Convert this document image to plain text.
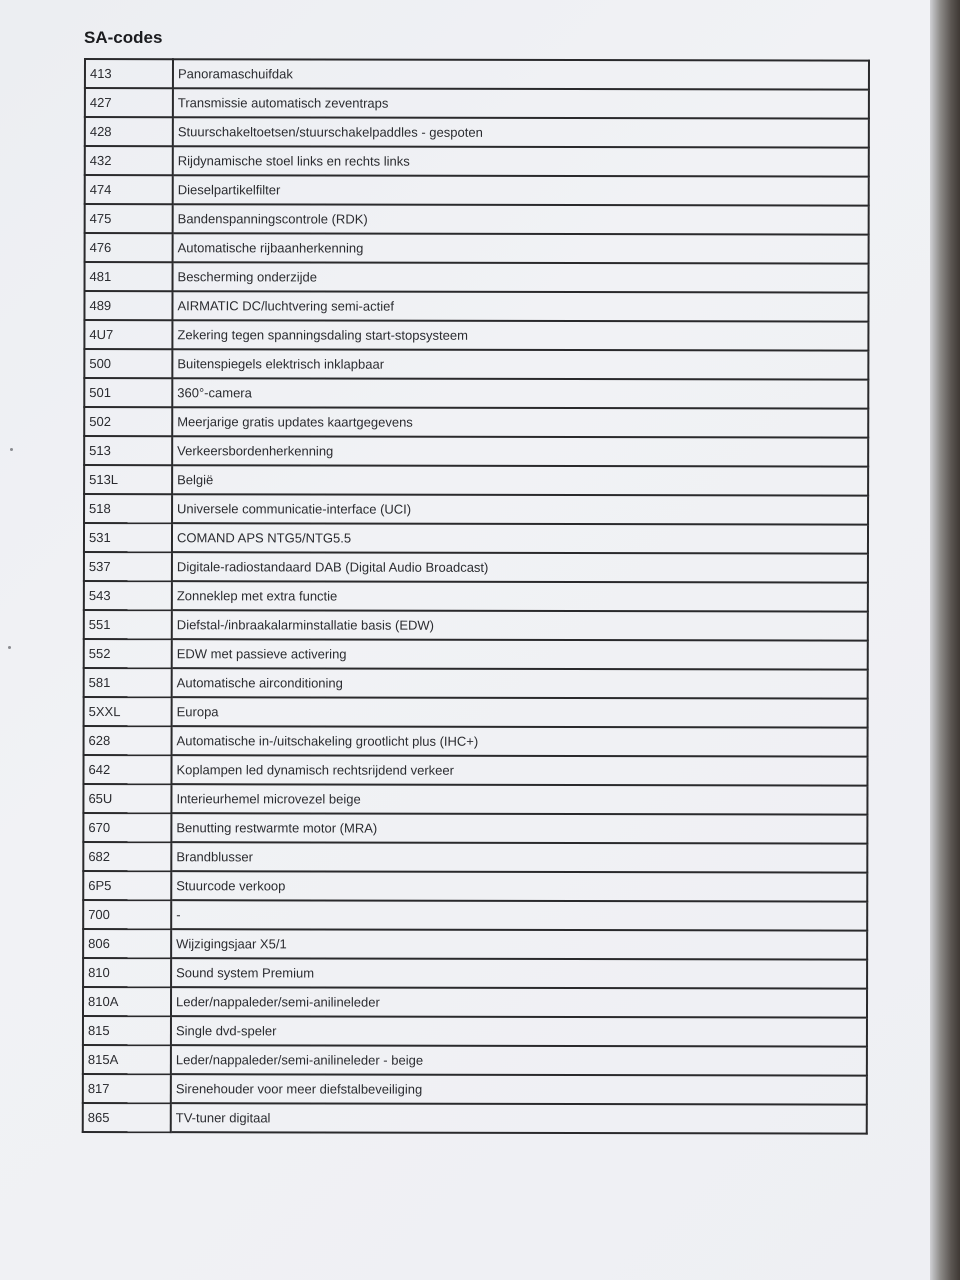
SA-codes
413	Panoramaschuifdak
427	Transmissie automatisch zeventraps
428	Stuurschakeltoetsen/stuurschakelpaddles - gespoten
432	Rijdynamische stoel links en rechts links
474	Dieselpartikelfilter
475	Bandenspanningscontrole (RDK)
476	Automatische rijbaanherkenning
481	Bescherming onderzijde
489	AIRMATIC DC/luchtvering semi-actief
4U7	Zekering tegen spanningsdaling start-stopsysteem
500	Buitenspiegels elektrisch inklapbaar
501	360°-camera
502	Meerjarige gratis updates kaartgegevens
513	Verkeersbordenherkenning
513L	België
518	Universele communicatie-interface (UCI)
531	COMAND APS NTG5/NTG5.5
537	Digitale-radiostandaard DAB (Digital Audio Broadcast)
543	Zonneklep met extra functie
551	Diefstal-/inbraakalarminstallatie basis (EDW)
552	EDW met passieve activering
581	Automatische airconditioning
5XXL	Europa
628	Automatische in-/uitschakeling grootlicht plus (IHC+)
642	Koplampen led dynamisch rechtsrijdend verkeer
65U	Interieurhemel microvezel beige
670	Benutting restwarmte motor (MRA)
682	Brandblusser
6P5	Stuurcode verkoop
700	-
806	Wijzigingsjaar X5/1
810	Sound system Premium
810A	Leder/nappaleder/semi-anilineleder
815	Single dvd-speler
815A	Leder/nappaleder/semi-anilineleder - beige
817	Sirenehouder voor meer diefstalbeveiliging
865	TV-tuner digitaal
